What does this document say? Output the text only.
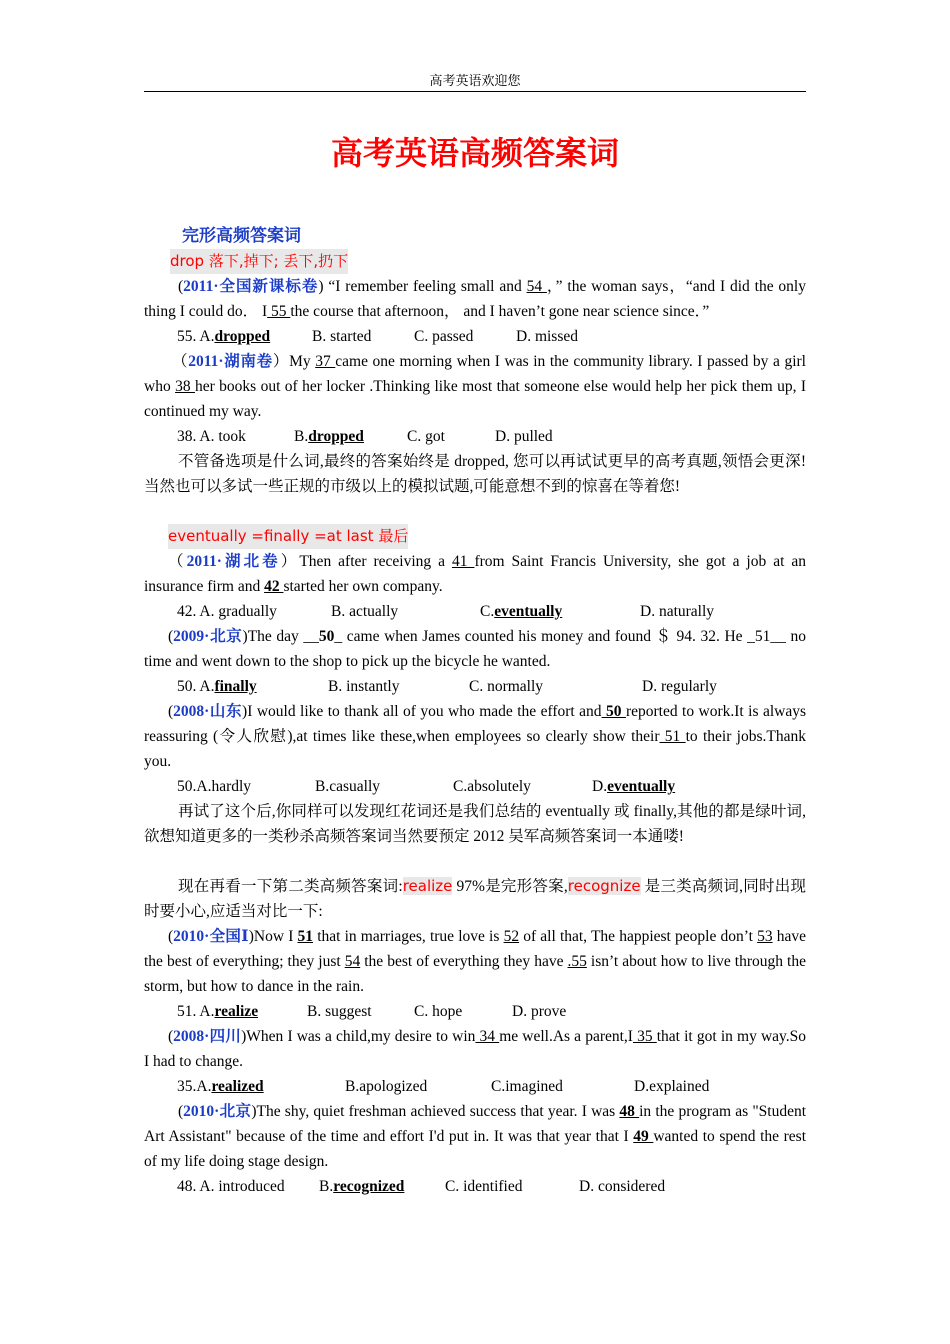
高考英语欢迎您
高考英语高频答案词

完形高频答案词

drop 落下,掉下; 丢下,扔下

(2011·全国新课标卷) “I remember feeling small and 54 ，” the woman says，“and I did the only thing I could do． I 55 the course that afternoon， and I haven’t gone near science since．”

55. A.dropped	B. started	C. passed	D. missed

（2011·湖南卷）My 37 came one morning when I was in the community library. I passed by a girl who 38 her books out of her locker .Thinking like most that someone else would help her pick them up, I continued my way.

38. A. took	B.dropped	C. got	D. pulled

不管备选项是什么词,最终的答案始终是 dropped, 您可以再试试更早的高考真题,领悟会更深!当然也可以多试一些正规的市级以上的模拟试题,可能意想不到的惊喜在等着您!

eventually =finally =at last 最后

（2011·湖北卷）Then after receiving a 41 from Saint Francis University, she got a job at an insurance firm and 42 started her own company.

42. A. gradually	B. actually	C.eventually	D. naturally

(2009·北京)The day __50_ came when James counted his money and found ＄ 94. 32. He _51__ no time and went down to the shop to pick up the bicycle he wanted.

50. A.finally	B. instantly	C. normally	D. regularly

(2008·山东)I would like to thank all of you who made the effort and 50 reported to work.It is always reassuring (令人欣慰),at times like these,when employees so clearly show their 51 to their jobs.Thank you.

50.A.hardly	B.casually	C.absolutely	D.eventually

再试了这个后,你同样可以发现红花词还是我们总结的 eventually 或 finally,其他的都是绿叶词,欲想知道更多的一类秒杀高频答案词当然要预定 2012 吴军高频答案词一本通喽!

现在再看一下第二类高频答案词:realize 97%是完形答案,recognize 是三类高频词,同时出现时要小心,应适当对比一下:

(2010·全国Ⅰ)Now I 51 that in marriages, true love is 52 of all that, The happiest people don’t 53 have the best of everything; they just 54 the best of everything they have .55 isn’t about how to live through the storm, but how to dance in the rain.

51. A.realize	B. suggest	C. hope	D. prove

(2008·四川)When I was a child,my desire to win 34 me well.As a parent,I 35 that it got in my way.So I had to change.

35.A.realized	B.apologized	C.imagined	D.explained

(2010·北京)The shy, quiet freshman achieved success that year. I was 48 in the program as "Student Art Assistant" because of the time and effort I'd put in. It was that year that I 49 wanted to spend the rest of my life doing stage design.

48. A. introduced B.recognized	C. identified	D. considered
